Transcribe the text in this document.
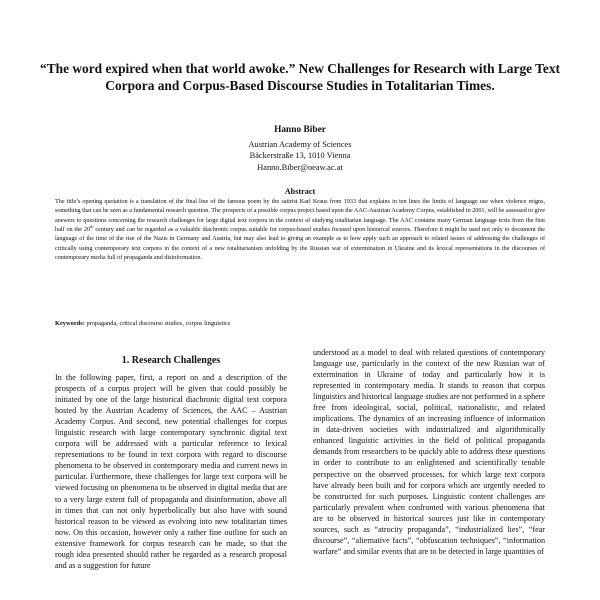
“The word expired when that world awoke.” New Challenges for Research with Large Text Corpora and Corpus-Based Discourse Studies in Totalitarian Times.
Hanno Biber
Austrian Academy of Sciences
Bäckerstraße 13, 1010 Vienna
Hanno.Biber@oeaw.ac.at
Abstract
The title’s opening quotation is a translation of the final line of the famous poem by the satirist Karl Kraus from 1933 that explains in ten lines the limits of language use when violence reigns, something that can be seen as a fundamental research question. The prospects of a possible corpus project based upon the AAC-Austrian Academy Corpus, established in 2001, will be assessed to give answers to questions concerning the research challenges for large digital text corpora in the context of studying totalitarian language. The AAC contains many German language texts from the first half on the 20th century and can be regarded as a valuable diachronic corpus suitable for corpus-based studies focused upon historical sources. Therefore it might be used not only to document the language of the time of the rise of the Nazis in Germany and Austria, but may also lead to giving an example as to how apply such an approach to related issues of addressing the challenges of critically using contemporary text corpora in the context of a new totalitarianism unfolding by the Russian war of extermination in Ukraine and its lexical representations in the discourses of contemporary media full of propaganda and disinformation.
Keywords: propaganda, critical discourse studies, corpus linguistics
1. Research Challenges

In the following paper, first, a report on and a description of the prospects of a corpus project will be given that could possibly be initiated by one of the large historical diachronic digital text corpora hosted by the Austrian Academy of Sciences, the AAC – Austrian Academy Corpus. And second, new potential challenges for corpus linguistic research with large contemporary synchronic digital text corpora will be addressed with a particular reference to lexical representations to be found in text corpora with regard to discourse phenomena to be observed in contemporary media and current news in particular. Furthermore, these challenges for large text corpora will be viewed focusing on phenomena to be observed in digital media that are to a very large extent full of propaganda and disinformation, above all in times that can not only hyperbolically but also have with sound historical reason to be viewed as evolving into new totalitarian times now. On this occasion, however only a rather fine outline for such an extensive framework for corpus research can be made, so that the rough idea presented should rather be regarded as a research proposal and as a suggestion for future

understood as a model to deal with related questions of contemporary language use, particularly in the context of the new Russian war of extermination in Ukraine of today and particularly how it is represented in contemporary media. It stands to reason that corpus linguistics and historical language studies are not performed in a sphere free from ideological, social, political, nationalistic, and related implications. The dynamics of an increasing influence of information in data-driven societies with industrialized and algorithmically enhanced linguistic activities in the field of political propaganda demands from researchers to be quickly able to address these questions in order to contribute to an enlightened and scientifically tenable perspective on the observed processes, for which large text corpora have already been built and for corpora which are urgently needed to be constructed for such purposes. Linguistic content challenges are particularly prevalent when confronted with various phenomena that are to be observed in historical sources just like in contemporary sources, such as “atrocity propaganda”, “industrialized lies”, “fear discourse”, “alternative facts”, “obfuscation techniques”, “information warfare” and similar events that are to be detected in large quantities of
